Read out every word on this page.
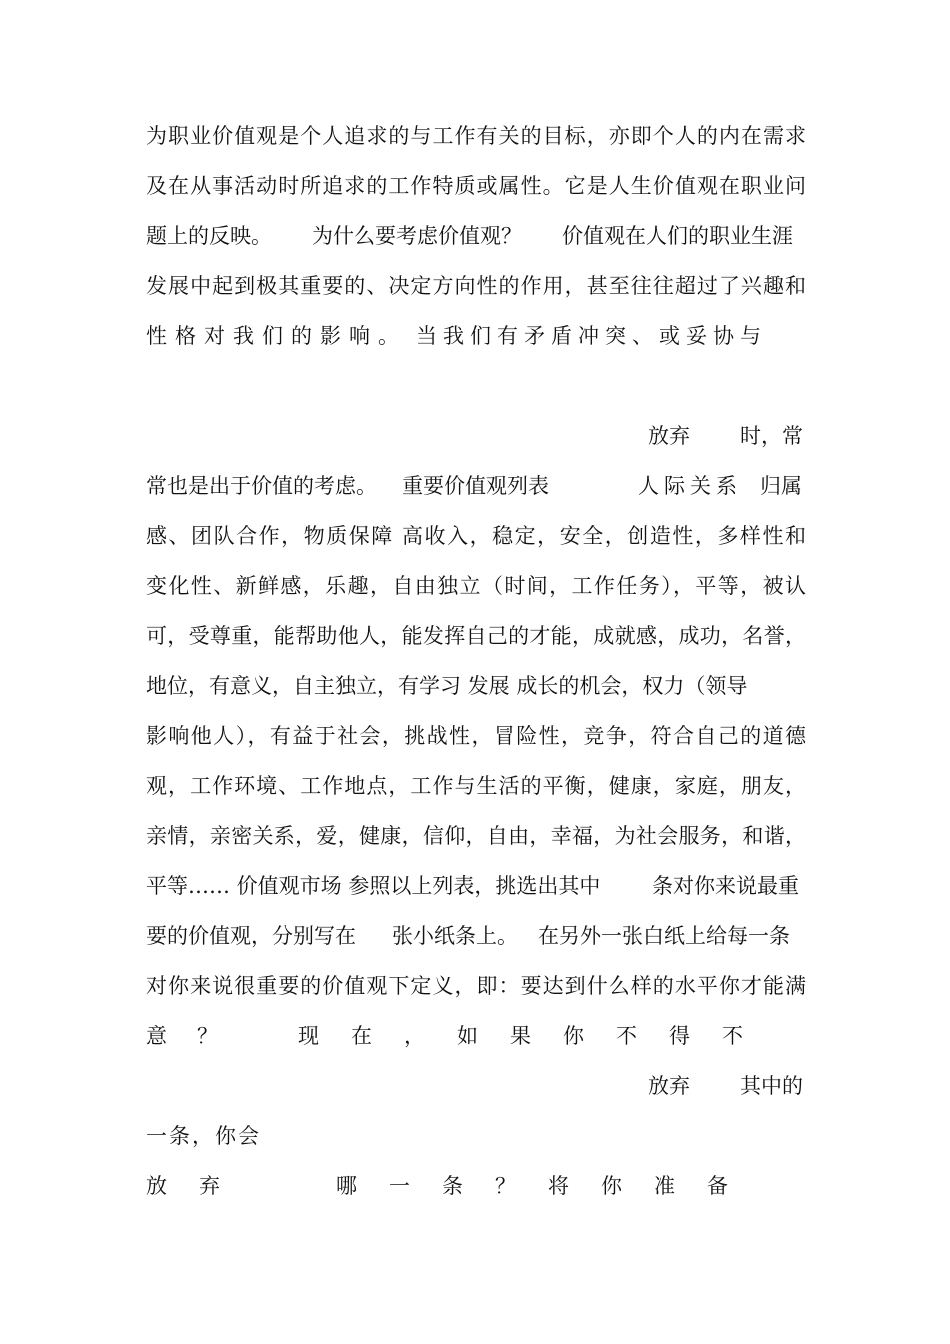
为职业价值观是个人追求的与工作有关的目标，亦即个人的内在需求
及在从事活动时所追求的工作特质或属性。它是人生价值观在职业问
题上的反映。 为什么要考虑价值观？ 价值观在人们的职业生涯
发展中起到极其重要的、决定方向性的作用，甚至往往超过了兴趣和
性格对我们的影响。 当我们有矛盾冲突、或妥协与
放弃 时，常
常也是出于价值的考虑。 重要价值观列表	人际关系 归属
感、团队合作，物质保障 高收入，稳定，安全，创造性，多样性和
变化性、新鲜感，乐趣，自由独立（时间，工作任务），平等，被认
可，受尊重，能帮助他人，能发挥自己的才能，成就感，成功，名誉，
地位，有意义，自主独立，有学习 发展 成长的机会，权力（领导
影响他人），有益于社会，挑战性，冒险性，竞争，符合自己的道德
观，工作环境、工作地点，工作与生活的平衡，健康，家庭，朋友，
亲情，亲密关系，爱，健康，信仰，自由，幸福，为社会服务，和谐，
平等…… 价值观市场 参照以上列表，挑选出其中 条对你来说最重
要的价值观，分别写在 张小纸条上。 在另外一张白纸上给每一条
对你来说很重要的价值观下定义，即：要达到什么样的水平你才能满
意？ 现在，如果你不得不
放弃 其中的
一条，你会
放弃	哪一条？将你准备
